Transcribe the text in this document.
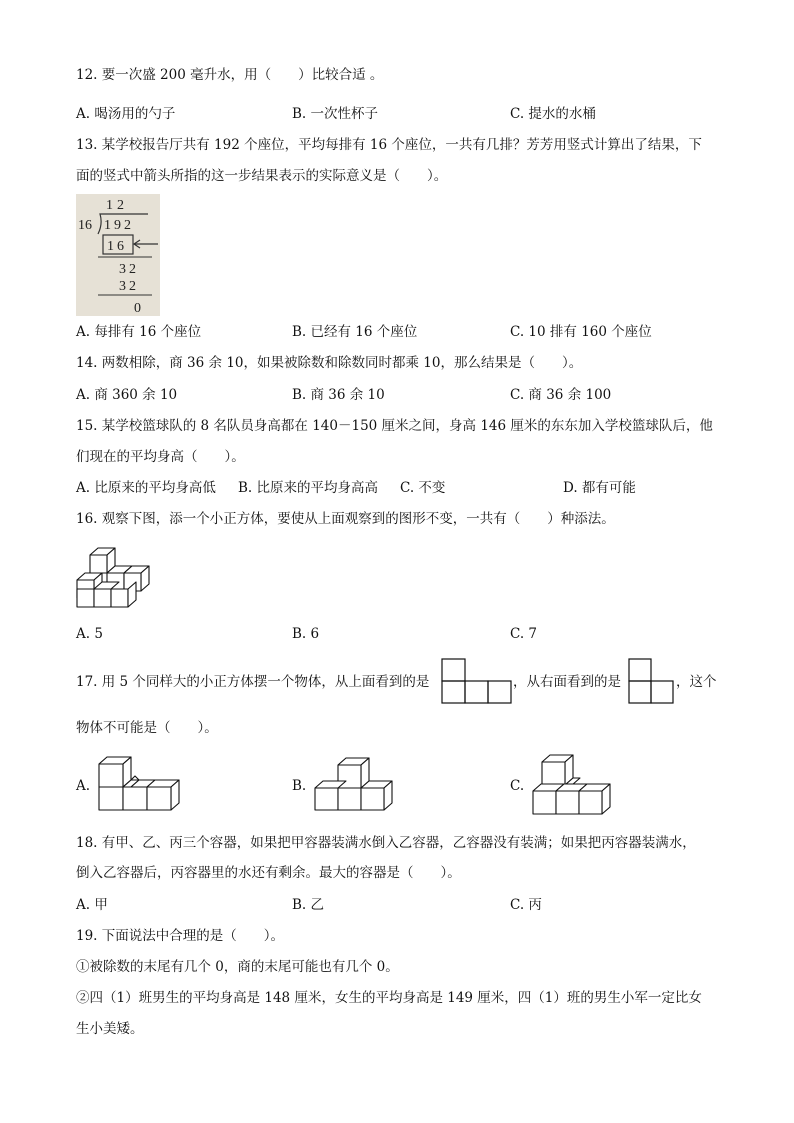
12. 要一次盛 200 毫升水，用（　　）比较合适 。
A. 喝汤用的勺子	B. 一次性杯子	C. 提水的水桶
13. 某学校报告厅共有 192 个座位，平均每排有 16 个座位，一共有几排？芳芳用竖式计算出了结果，下
面的竖式中箭头所指的这一步结果表示的实际意义是（　　）。
12
16 192
16
32
32
0
A. 每排有 16 个座位	B. 已经有 16 个座位	C. 10 排有 160 个座位
14. 两数相除，商 36 余 10，如果被除数和除数同时都乘 10，那么结果是（　　）。
A. 商 360 余 10	B. 商 36 余 10	C. 商 36 余 100
15. 某学校篮球队的 8 名队员身高都在 140－150 厘米之间，身高 146 厘米的东东加入学校篮球队后，他
们现在的平均身高（　　）。
A. 比原来的平均身高低 B. 比原来的平均身高高 C. 不变	D. 都有可能
16. 观察下图，添一个小正方体，要使从上面观察到的图形不变，一共有（　　）种添法。
A. 5	B. 6	C. 7
17. 用 5 个同样大的小正方体摆一个物体，从上面看到的是	，从右面看到的是	，这个
物体不可能是（　　）。
A.	B.	C.
18. 有甲、乙、丙三个容器，如果把甲容器装满水倒入乙容器，乙容器没有装满；如果把丙容器装满水，
倒入乙容器后，丙容器里的水还有剩余。最大的容器是（　　）。
A. 甲	B. 乙	C. 丙
19. 下面说法中合理的是（　　）。
①被除数的末尾有几个 0，商的末尾可能也有几个 0。
②四（1）班男生的平均身高是 148 厘米，女生的平均身高是 149 厘米，四（1）班的男生小军一定比女
生小美矮。
